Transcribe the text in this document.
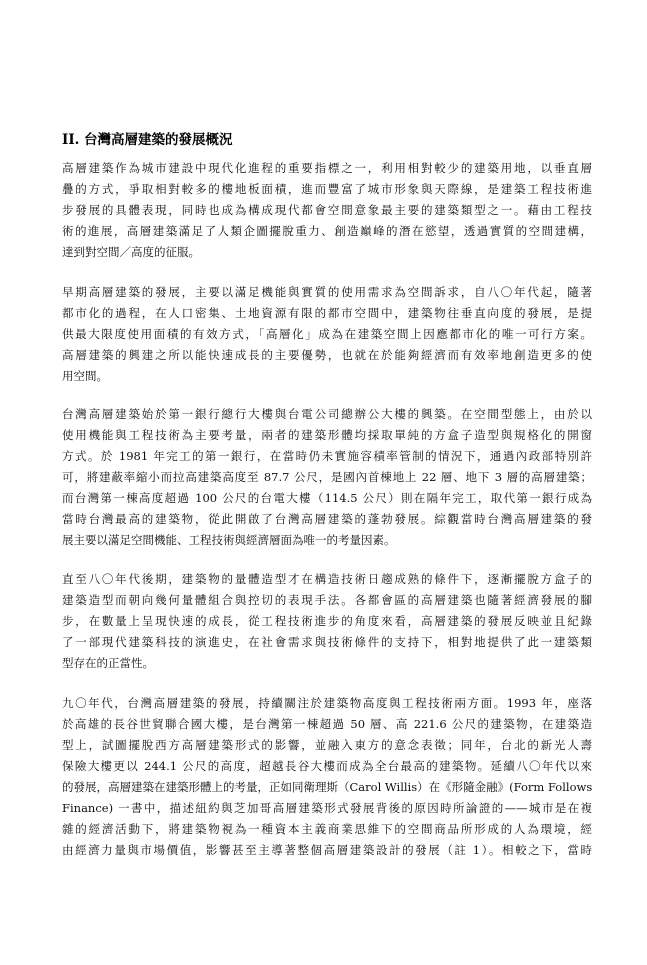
II. 台灣高層建築的發展概況
高層建築作為城市建設中現代化進程的重要指標之一，利用相對較少的建築用地，以垂直層
疊的方式，爭取相對較多的樓地板面積，進而豐富了城市形象與天際線，是建築工程技術進
步發展的具體表現，同時也成為構成現代都會空間意象最主要的建築類型之一。藉由工程技
術的進展，高層建築滿足了人類企圖擺脫重力、創造巔峰的潛在慾望，透過實質的空間建構，
達到對空間／高度的征服。
早期高層建築的發展，主要以滿足機能與實質的使用需求為空間訴求，自八〇年代起，隨著
都市化的過程，在人口密集、土地資源有限的都市空間中，建築物往垂直向度的發展，是提
供最大限度使用面積的有效方式，「高層化」成為在建築空間上因應都市化的唯一可行方案。
高層建築的興建之所以能快速成長的主要優勢，也就在於能夠經濟而有效率地創造更多的使
用空間。
台灣高層建築始於第一銀行總行大樓與台電公司總辦公大樓的興築。在空間型態上，由於以
使用機能與工程技術為主要考量，兩者的建築形體均採取單純的方盒子造型與規格化的開窗
方式。於 1981 年完工的第一銀行，在當時仍未實施容積率管制的情況下，通過內政部特別許
可，將建蔽率縮小而拉高建築高度至 87.7 公尺，是國內首棟地上 22 層、地下 3 層的高層建築；
而台灣第一棟高度超過 100 公尺的台電大樓（114.5 公尺）則在隔年完工，取代第一銀行成為
當時台灣最高的建築物，從此開啟了台灣高層建築的蓬勃發展。綜觀當時台灣高層建築的發
展主要以滿足空間機能、工程技術與經濟層面為唯一的考量因素。
直至八〇年代後期，建築物的量體造型才在構造技術日趨成熟的條件下，逐漸擺脫方盒子的
建築造型而朝向幾何量體組合與控切的表現手法。各都會區的高層建築也隨著經濟發展的腳
步，在數量上呈現快速的成長，從工程技術進步的角度來看，高層建築的發展反映並且紀錄
了一部現代建築科技的演進史，在社會需求與技術條件的支持下，相對地提供了此一建築類
型存在的正當性。
九〇年代，台灣高層建築的發展，持續關注於建築物高度與工程技術兩方面。1993 年，座落
於高雄的長谷世貿聯合國大樓，是台灣第一棟超過 50 層、高 221.6 公尺的建築物，在建築造
型上，試圖擺脫西方高層建築形式的影響，並融入東方的意念表徵；同年，台北的新光人壽
保險大樓更以 244.1 公尺的高度，超越長谷大樓而成為全台最高的建築物。延續八〇年代以來
的發展，高層建築在建築形體上的考量，正如同衛理斯（Carol Willis）在《形隨金融》(Form Follows
Finance) 一書中，描述紐約與芝加哥高層建築形式發展背後的原因時所論證的——城市是在複
雜的經濟活動下，將建築物視為一種資本主義商業思維下的空間商品所形成的人為環境，經
由經濟力量與市場價值，影響甚至主導著整個高層建築設計的發展（註 1）。相較之下，當時
